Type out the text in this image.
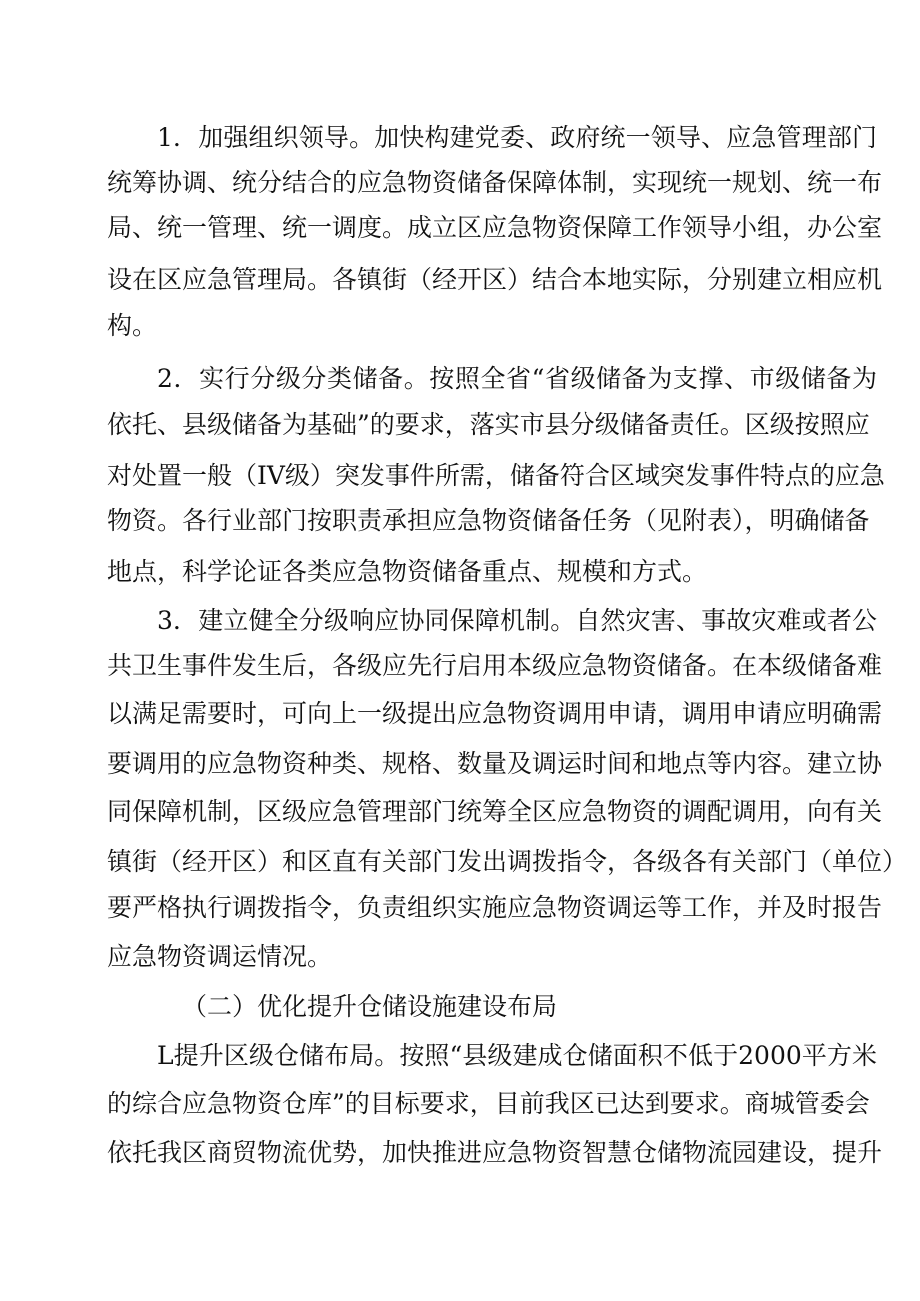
1．加强组织领导。加快构建党委、政府统一领导、应急管理部门
统筹协调、统分结合的应急物资储备保障体制，实现统一规划、统一布
局、统一管理、统一调度。成立区应急物资保障工作领导小组，办公室
设在区应急管理局。各镇街（经开区）结合本地实际，分别建立相应机
构。
2．实行分级分类储备。按照全省“省级储备为支撑、市级储备为
依托、县级储备为基础”的要求，落实市县分级储备责任。区级按照应
对处置一般（IV级）突发事件所需，储备符合区域突发事件特点的应急
物资。各行业部门按职责承担应急物资储备任务（见附表），明确储备
地点，科学论证各类应急物资储备重点、规模和方式。
3．建立健全分级响应协同保障机制。自然灾害、事故灾难或者公
共卫生事件发生后，各级应先行启用本级应急物资储备。在本级储备难
以满足需要时，可向上一级提出应急物资调用申请，调用申请应明确需
要调用的应急物资种类、规格、数量及调运时间和地点等内容。建立协
同保障机制，区级应急管理部门统筹全区应急物资的调配调用，向有关
镇街（经开区）和区直有关部门发出调拨指令，各级各有关部门（单位）
要严格执行调拨指令，负责组织实施应急物资调运等工作，并及时报告
应急物资调运情况。
（二）优化提升仓储设施建设布局
L提升区级仓储布局。按照“县级建成仓储面积不低于2000平方米
的综合应急物资仓库”的目标要求，目前我区已达到要求。商城管委会
依托我区商贸物流优势，加快推进应急物资智慧仓储物流园建设，提升
